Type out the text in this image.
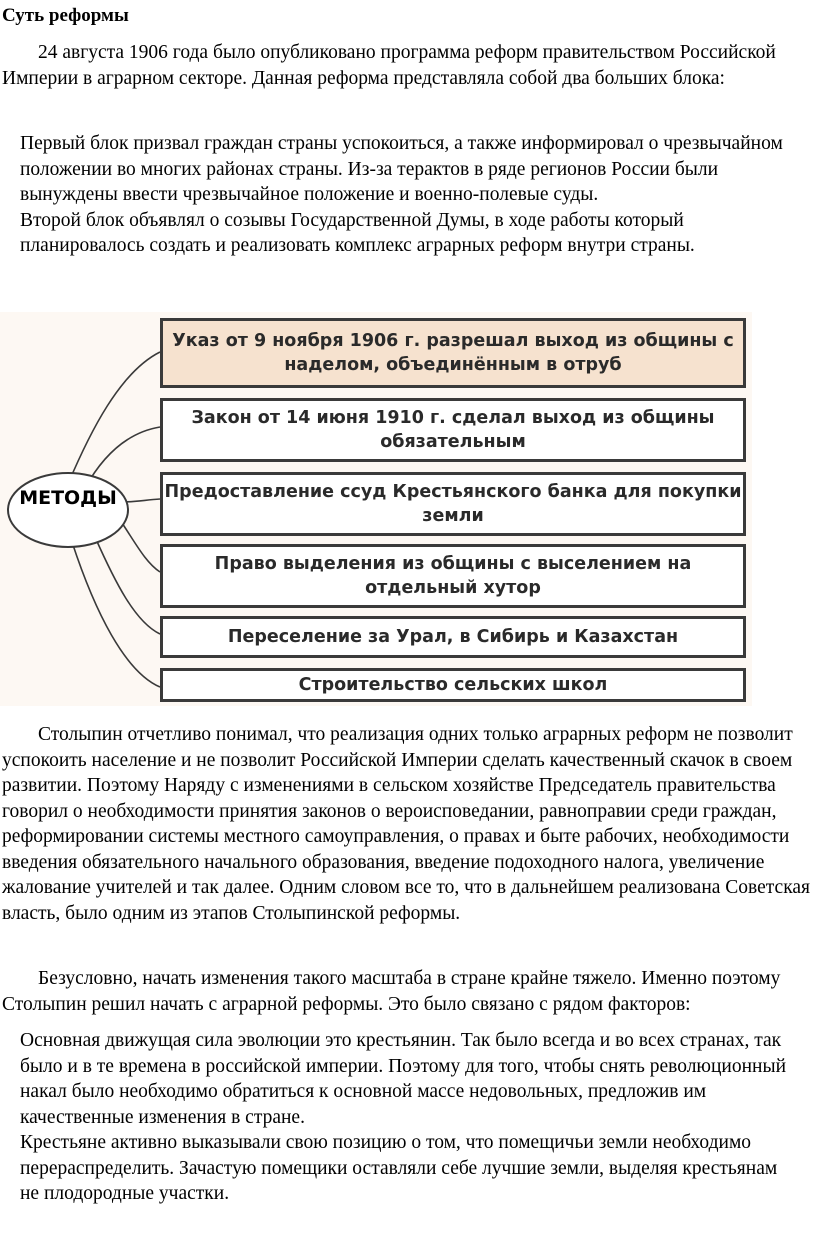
Суть реформы

24 августа 1906 года было опубликовано программа реформ правительством Российской Империи в аграрном секторе. Данная реформа представляла собой два больших блока:

Первый блок призвал граждан страны успокоиться, а также информировал о чрезвычайном положении во многих районах страны. Из-за терактов в ряде регионов России были вынуждены ввести чрезвычайное положение и военно-полевые суды.

Второй блок объявлял о созывы Государственной Думы, в ходе работы который планировалось создать и реализовать комплекс аграрных реформ внутри страны.

МЕТОДЫ
Указ от 9 ноября 1906 г. разрешал выход из общины с наделом, объединённым в отруб
Закон от 14 июня 1910 г. сделал выход из общины обязательным
Предоставление ссуд Крестьянского банка для покупки земли
Право выделения из общины с выселением на отдельный хутор
Переселение за Урал, в Сибирь и Казахстан
Строительство сельских школ

Столыпин отчетливо понимал, что реализация одних только аграрных реформ не позволит успокоить население и не позволит Российской Империи сделать качественный скачок в своем развитии. Поэтому Наряду с изменениями в сельском хозяйстве Председатель правительства говорил о необходимости принятия законов о вероисповедании, равноправии среди граждан, реформировании системы местного самоуправления, о правах и быте рабочих, необходимости введения обязательного начального образования, введение подоходного налога, увеличение жалование учителей и так далее. Одним словом все то, что в дальнейшем реализована Советская власть, было одним из этапов Столыпинской реформы.

Безусловно, начать изменения такого масштаба в стране крайне тяжело. Именно поэтому Столыпин решил начать с аграрной реформы. Это было связано с рядом факторов:

Основная движущая сила эволюции это крестьянин. Так было всегда и во всех странах, так было и в те времена в российской империи. Поэтому для того, чтобы снять революционный накал было необходимо обратиться к основной массе недовольных, предложив им качественные изменения в стране.

Крестьяне активно выказывали свою позицию о том, что помещичьи земли необходимо перераспределить. Зачастую помещики оставляли себе лучшие земли, выделяя крестьянам не плодородные участки.
